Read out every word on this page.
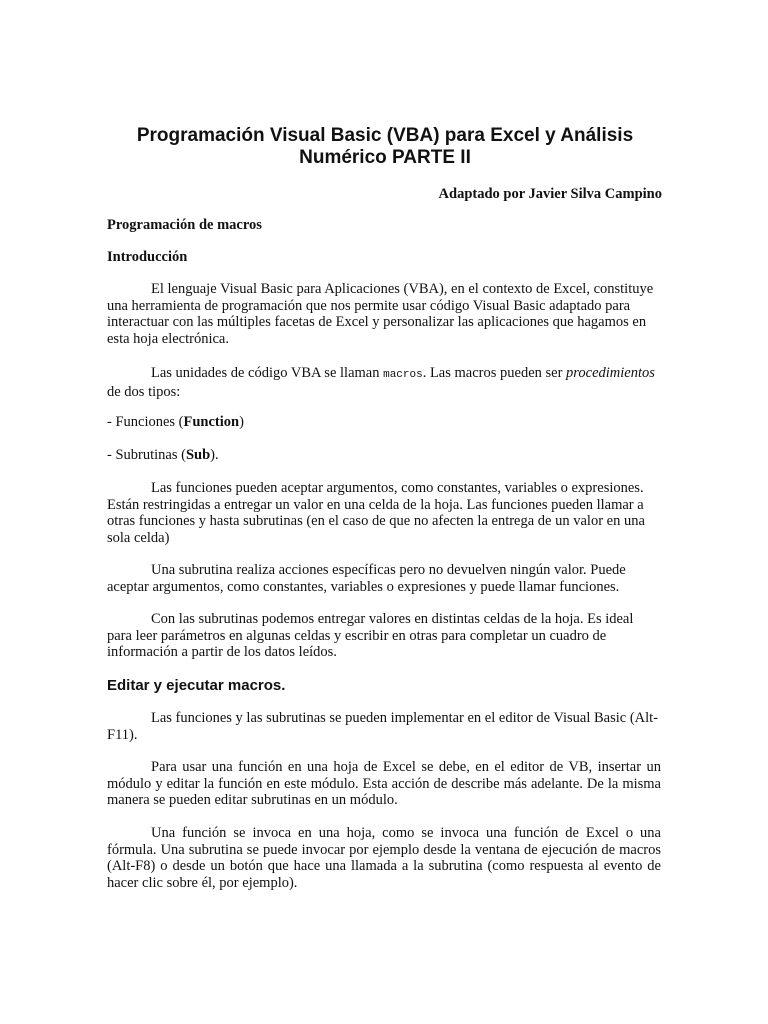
Programación Visual Basic (VBA) para Excel y Análisis
Numérico PARTE II

Adaptado por Javier Silva Campino

Programación de macros

Introducción

El lenguaje Visual Basic para Aplicaciones (VBA), en el contexto de Excel, constituye una herramienta de programación que nos permite usar código Visual Basic adaptado para interactuar con las múltiples facetas de Excel y personalizar las aplicaciones que hagamos en esta hoja electrónica.

Las unidades de código VBA se llaman macros. Las macros pueden ser procedimientos de dos tipos:

- Funciones (Function)

- Subrutinas (Sub).

Las funciones pueden aceptar argumentos, como constantes, variables o expresiones. Están restringidas a entregar un valor en una celda de la hoja. Las funciones pueden llamar a otras funciones y hasta subrutinas (en el caso de que no afecten la entrega de un valor en una sola celda)

Una subrutina realiza acciones específicas pero no devuelven ningún valor. Puede aceptar argumentos, como constantes, variables o expresiones y puede llamar funciones.

Con las subrutinas podemos entregar valores en distintas celdas de la hoja. Es ideal para leer parámetros en algunas celdas y escribir en otras para completar un cuadro de información a partir de los datos leídos.

Editar y ejecutar macros.

Las funciones y las subrutinas se pueden implementar en el editor de Visual Basic (Alt-F11).

Para usar una función en una hoja de Excel se debe, en el editor de VB, insertar un módulo y editar la función en este módulo. Esta acción de describe más adelante. De la misma manera se pueden editar subrutinas en un módulo.

Una función se invoca en una hoja, como se invoca una función de Excel o una fórmula. Una subrutina se puede invocar por ejemplo desde la ventana de ejecución de macros (Alt-F8) o desde un botón que hace una llamada a la subrutina (como respuesta al evento de hacer clic sobre él, por ejemplo).
